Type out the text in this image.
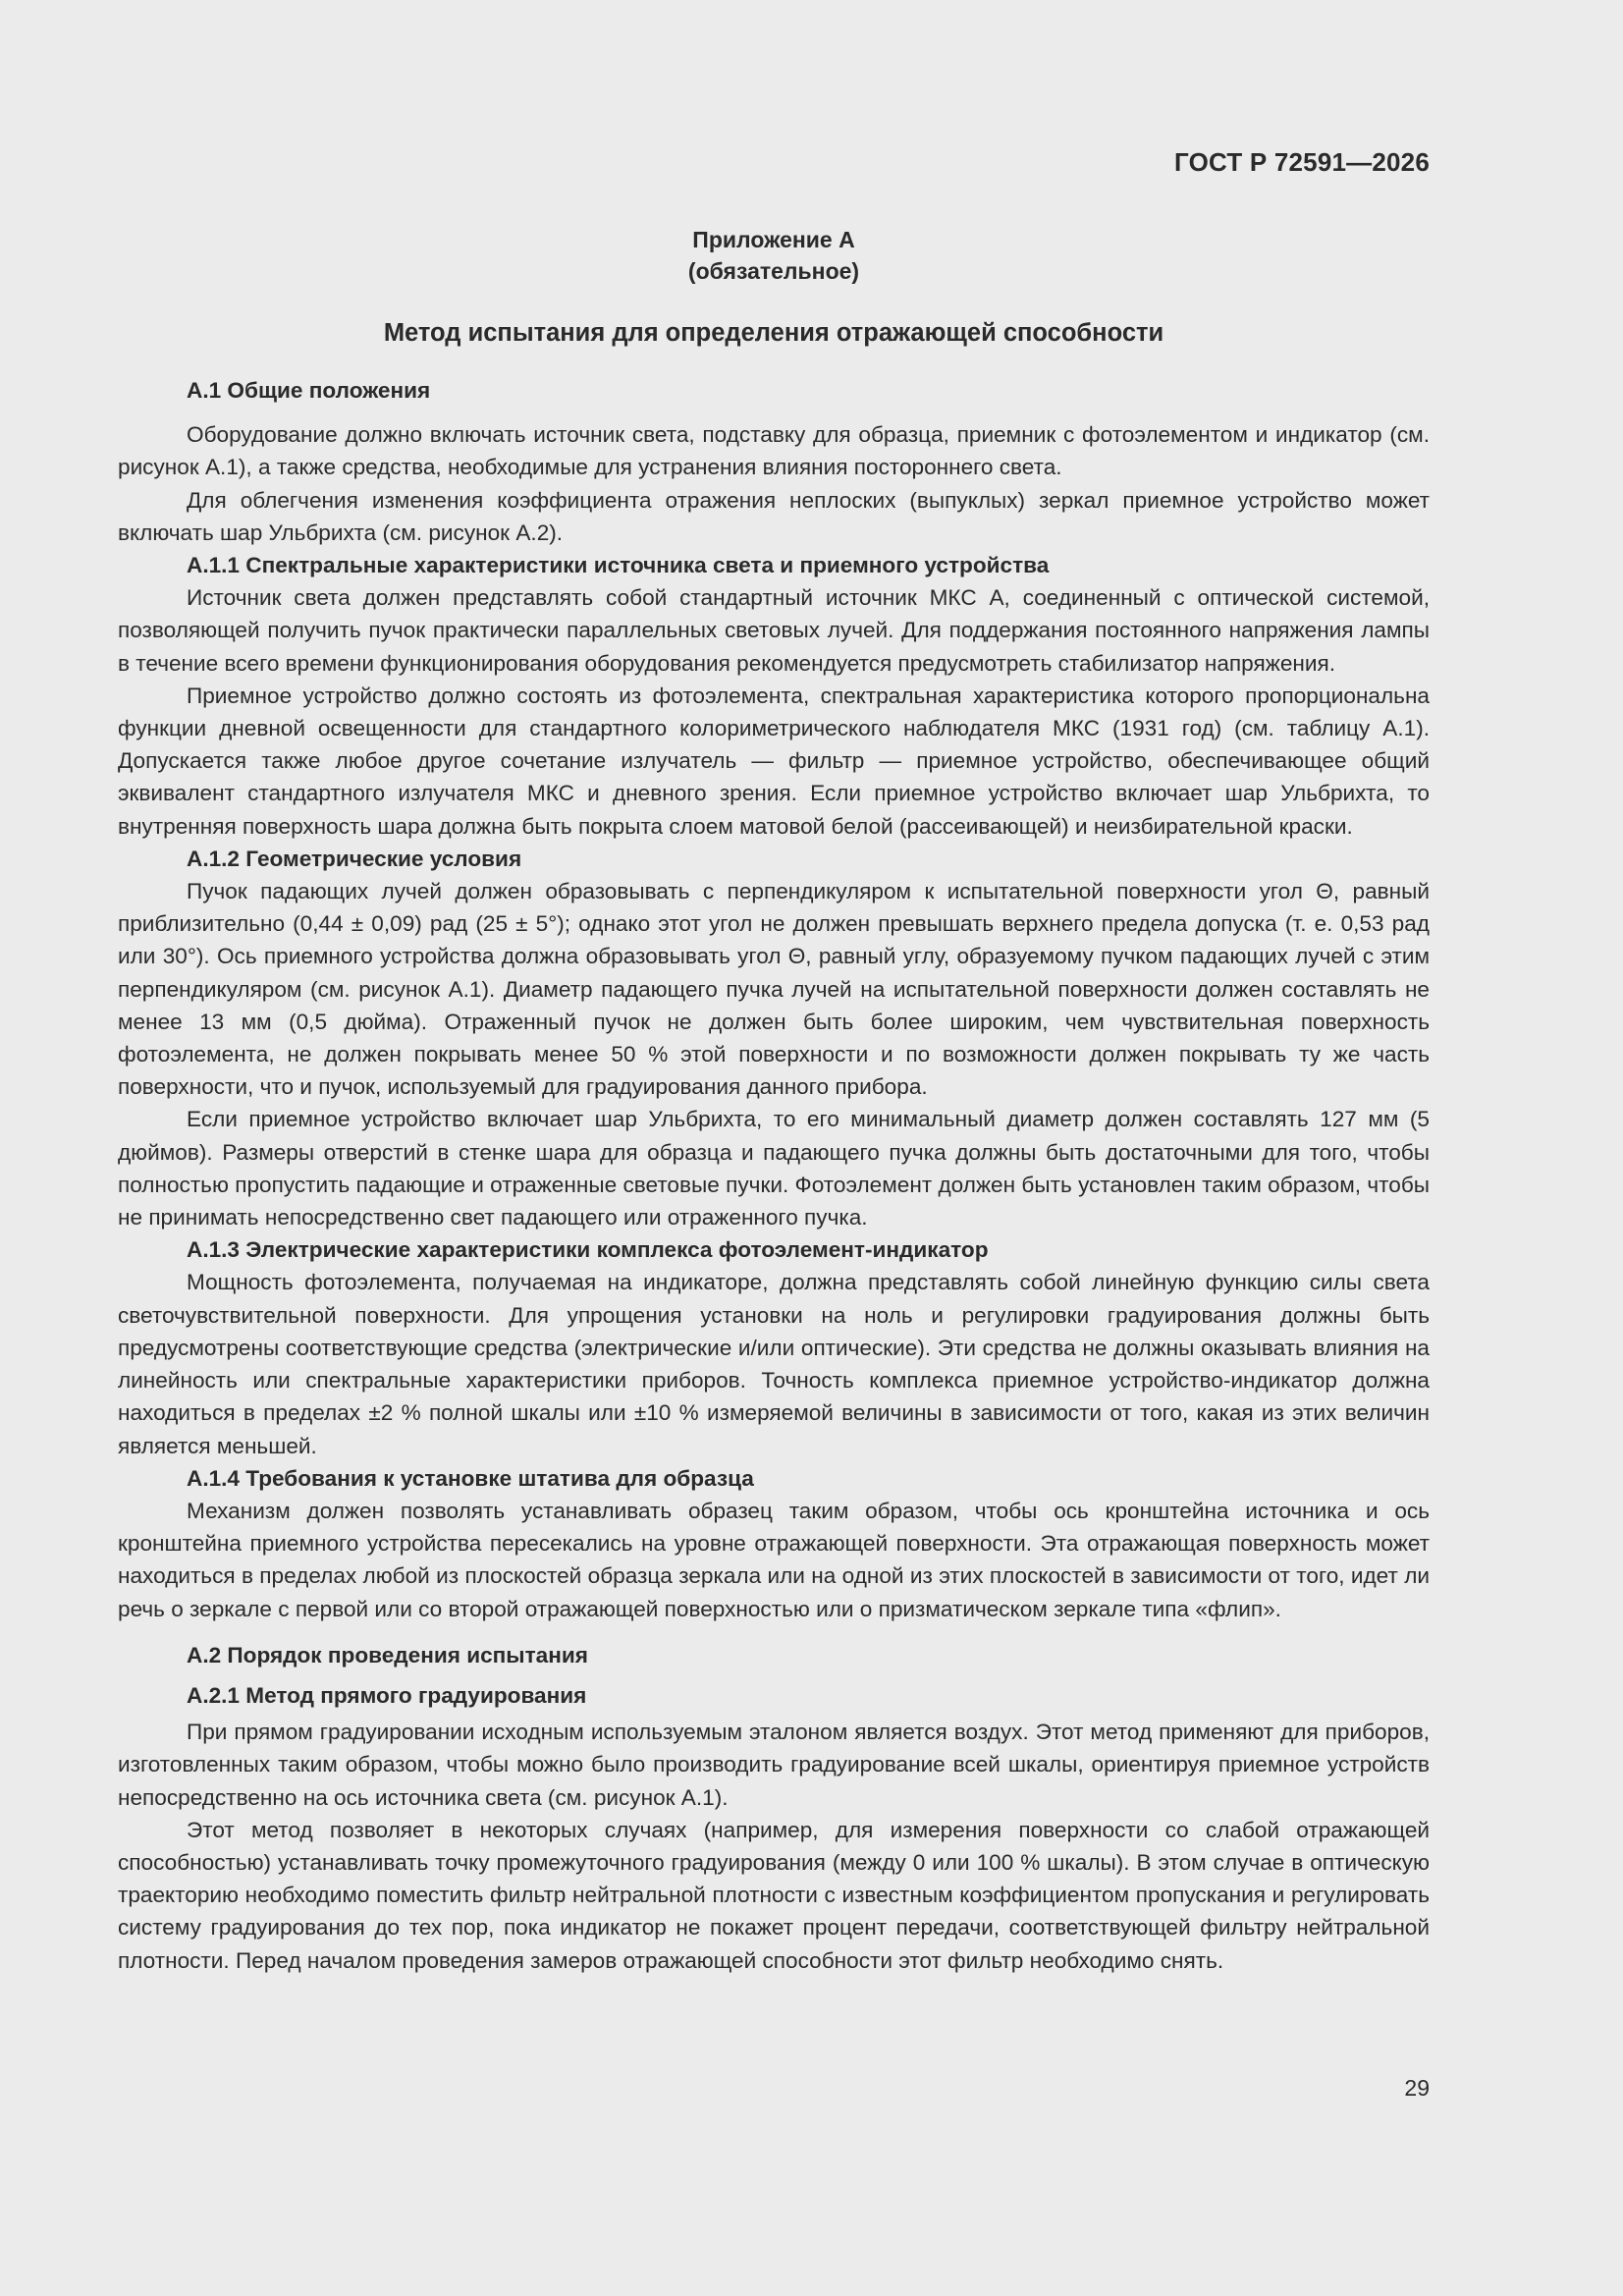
ГОСТ Р 72591—2026

Приложение А

(обязательное)

Метод испытания для определения отражающей способности

А.1 Общие положения

Оборудование должно включать источник света, подставку для образца, приемник с фотоэлементом и индикатор (см. рисунок А.1), а также средства, необходимые для устранения влияния постороннего света.

Для облегчения изменения коэффициента отражения неплоских (выпуклых) зеркал приемное устройство может включать шар Ульбрихта (см. рисунок А.2).

А.1.1 Спектральные характеристики источника света и приемного устройства

Источник света должен представлять собой стандартный источник МКС А, соединенный с оптической системой, позволяющей получить пучок практически параллельных световых лучей. Для поддержания постоянного напряжения лампы в течение всего времени функционирования оборудования рекомендуется предусмотреть стабилизатор напряжения.

Приемное устройство должно состоять из фотоэлемента, спектральная характеристика которого пропорциональна функции дневной освещенности для стандартного колориметрического наблюдателя МКС (1931 год) (см. таблицу А.1). Допускается также любое другое сочетание излучатель — фильтр — приемное устройство, обеспечивающее общий эквивалент стандартного излучателя МКС и дневного зрения. Если приемное устройство включает шар Ульбрихта, то внутренняя поверхность шара должна быть покрыта слоем матовой белой (рассеивающей) и неизбирательной краски.

А.1.2 Геометрические условия

Пучок падающих лучей должен образовывать с перпендикуляром к испытательной поверхности угол Θ, равный приблизительно (0,44 ± 0,09) рад (25 ± 5°); однако этот угол не должен превышать верхнего предела допуска (т. е. 0,53 рад или 30°). Ось приемного устройства должна образовывать угол Θ, равный углу, образуемому пучком падающих лучей с этим перпендикуляром (см. рисунок А.1). Диаметр падающего пучка лучей на испытательной поверхности должен составлять не менее 13 мм (0,5 дюйма). Отраженный пучок не должен быть более широким, чем чувствительная поверхность фотоэлемента, не должен покрывать менее 50 % этой поверхности и по возможности должен покрывать ту же часть поверхности, что и пучок, используемый для градуирования данного прибора.

Если приемное устройство включает шар Ульбрихта, то его минимальный диаметр должен составлять 127 мм (5 дюймов). Размеры отверстий в стенке шара для образца и падающего пучка должны быть достаточными для того, чтобы полностью пропустить падающие и отраженные световые пучки. Фотоэлемент должен быть установлен таким образом, чтобы не принимать непосредственно свет падающего или отраженного пучка.

А.1.3 Электрические характеристики комплекса фотоэлемент-индикатор

Мощность фотоэлемента, получаемая на индикаторе, должна представлять собой линейную функцию силы света светочувствительной поверхности. Для упрощения установки на ноль и регулировки градуирования должны быть предусмотрены соответствующие средства (электрические и/или оптические). Эти средства не должны оказывать влияния на линейность или спектральные характеристики приборов. Точность комплекса приемное устройство-индикатор должна находиться в пределах ±2 % полной шкалы или ±10 % измеряемой величины в зависимости от того, какая из этих величин является меньшей.

А.1.4 Требования к установке штатива для образца

Механизм должен позволять устанавливать образец таким образом, чтобы ось кронштейна источника и ось кронштейна приемного устройства пересекались на уровне отражающей поверхности. Эта отражающая поверхность может находиться в пределах любой из плоскостей образца зеркала или на одной из этих плоскостей в зависимости от того, идет ли речь о зеркале с первой или со второй отражающей поверхностью или о призматическом зеркале типа «флип».

А.2 Порядок проведения испытания

А.2.1 Метод прямого градуирования

При прямом градуировании исходным используемым эталоном является воздух. Этот метод применяют для приборов, изготовленных таким образом, чтобы можно было производить градуирование всей шкалы, ориентируя приемное устройств непосредственно на ось источника света (см. рисунок А.1).

Этот метод позволяет в некоторых случаях (например, для измерения поверхности со слабой отражающей способностью) устанавливать точку промежуточного градуирования (между 0 или 100 % шкалы). В этом случае в оптическую траекторию необходимо поместить фильтр нейтральной плотности с известным коэффициентом пропускания и регулировать систему градуирования до тех пор, пока индикатор не покажет процент передачи, соответствующей фильтру нейтральной плотности. Перед началом проведения замеров отражающей способности этот фильтр необходимо снять.

29
